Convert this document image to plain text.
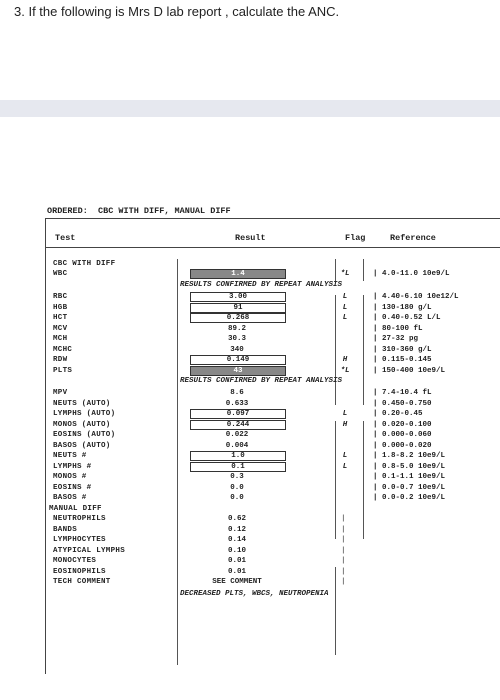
3. If the following is Mrs D lab report , calculate the ANC.
ORDERED: CBC WITH DIFF, MANUAL DIFF
Test	Result	Flag	Reference
CBC WITH DIFF
WBC	1.4	*L	| 4.0-11.0 10e9/L
RESULTS CONFIRMED BY REPEAT ANALYSIS
RBC	3.00	L	| 4.40-6.10 10e12/L
HGB	91	L	| 130-180 g/L
HCT	0.268	L	| 0.40-0.52 L/L
MCV	89.2	| 80-100 fL
MCH	30.3	| 27-32 pg
MCHC	340	| 310-360 g/L
RDW	0.149	H	| 0.115-0.145
PLTS	43	*L	| 150-400 10e9/L
RESULTS CONFIRMED BY REPEAT ANALYSIS
MPV	8.6	| 7.4-10.4 fL
NEUTS (AUTO)	0.633	| 0.450-0.750
LYMPHS (AUTO)	0.097	L	| 0.20-0.45
MONOS (AUTO)	0.244	H	| 0.020-0.100
EOSINS (AUTO)	0.022	| 0.000-0.060
BASOS (AUTO)	0.004	| 0.000-0.020
NEUTS #	1.0	L	| 1.8-8.2 10e9/L
LYMPHS #	0.1	L	| 0.8-5.0 10e9/L
MONOS #	0.3	| 0.1-1.1 10e9/L
EOSINS #	0.0	| 0.0-0.7 10e9/L
BASOS #	0.0	| 0.0-0.2 10e9/L
MANUAL DIFF
NEUTROPHILS	0.62	|
BANDS	0.12	|
LYMPHOCYTES	0.14	|
ATYPICAL LYMPHS	0.10	|
MONOCYTES	0.01	|
EOSINOPHILS	0.01	|
TECH COMMENT	SEE COMMENT	|
DECREASED PLTS, WBCS, NEUTROPENIA
